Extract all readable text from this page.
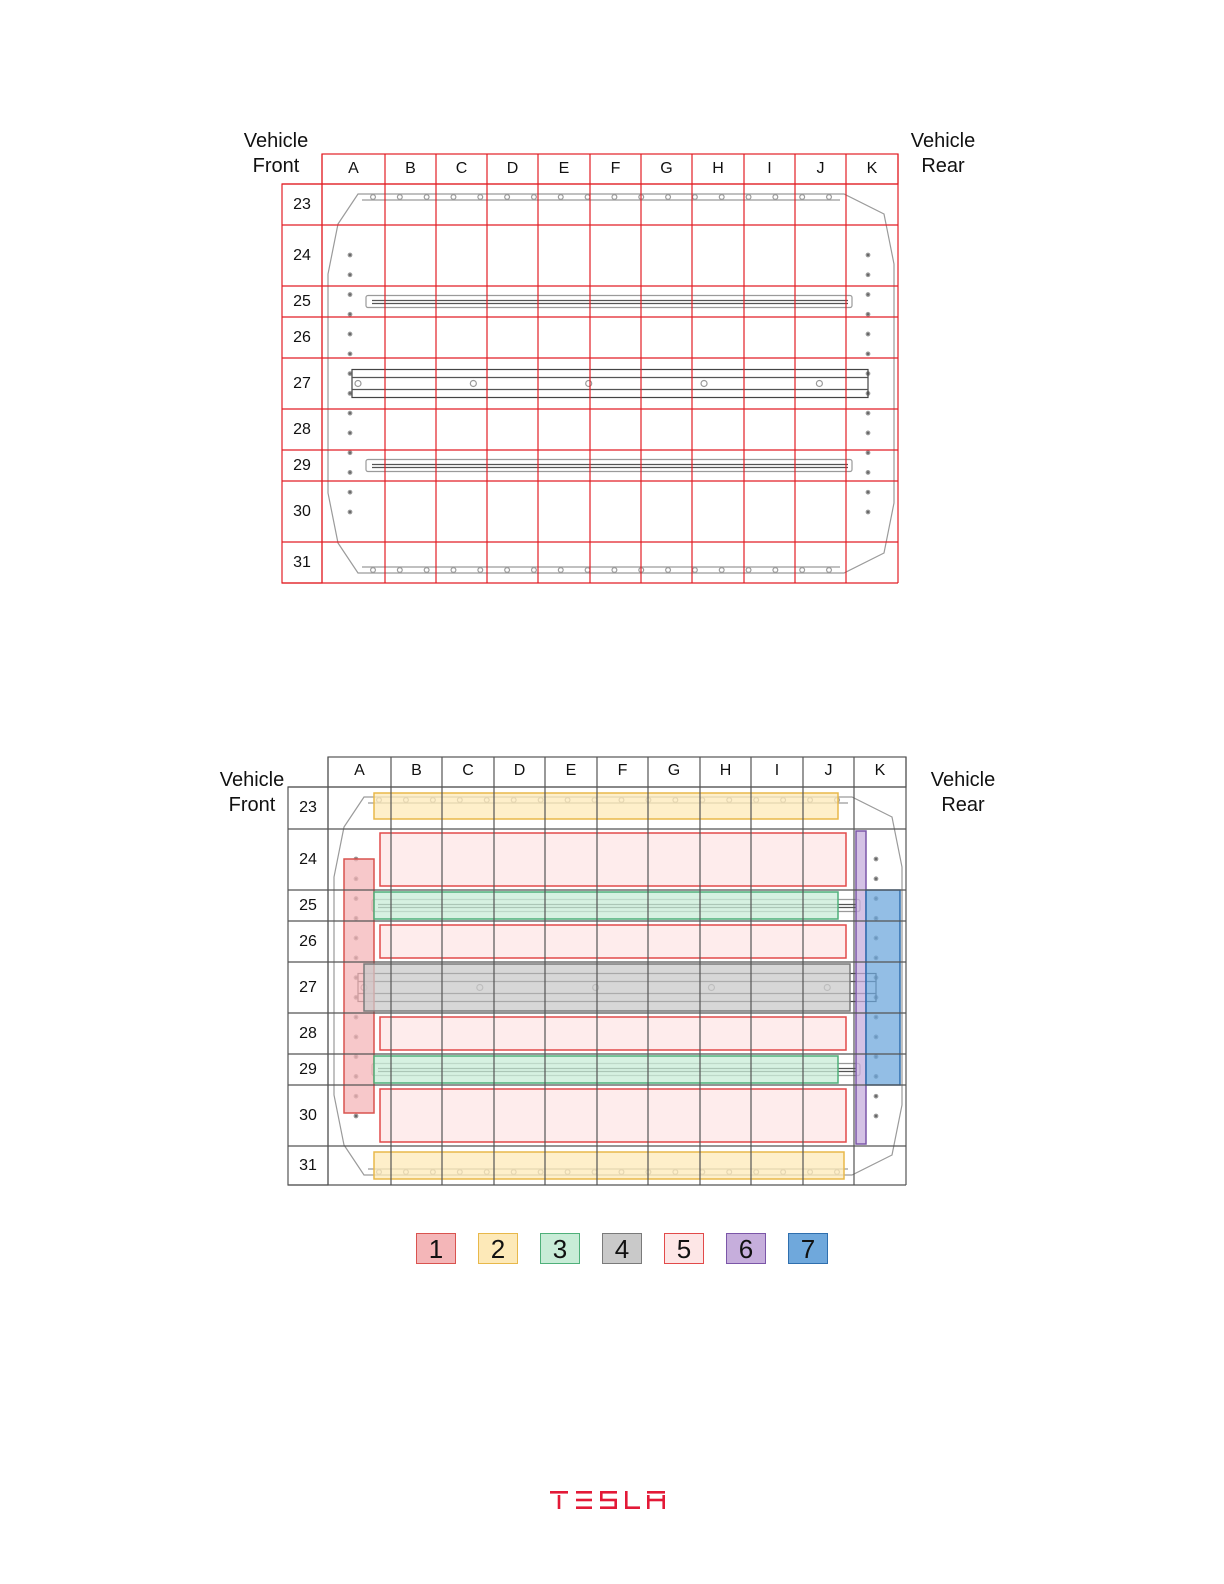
Vehicle
Front
Vehicle
Rear
A	B	C	D	E	F	G	H	I	J	K
23
24
25
26
27
28
29
30
31
Vehicle
Front
Vehicle
Rear
A	B	C	D	E	F	G	H	I	J	K
23
24
25
26
27
28
29
30
31
1	2	3	4	5	6	7
